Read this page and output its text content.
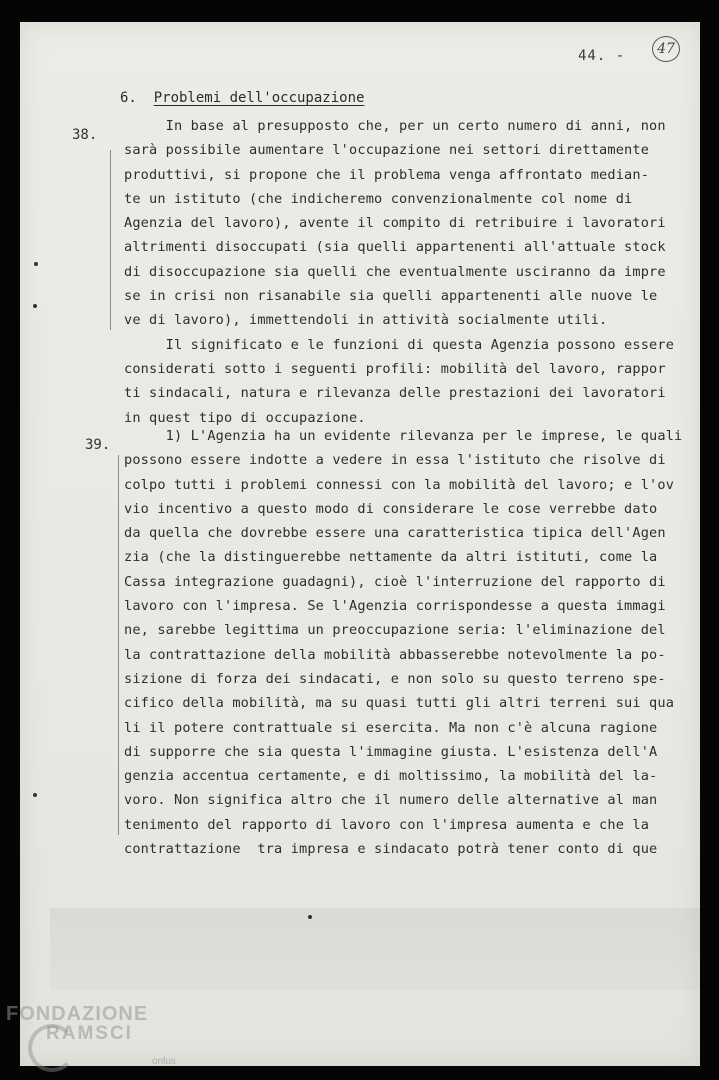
44. -	47
6. Problemi dell'occupazione
38.
In base al presupposto che, per un certo numero di anni, non
sarà possibile aumentare l'occupazione nei settori direttamente
produttivi, si propone che il problema venga affrontato median-
te un istituto (che indicheremo convenzionalmente col nome di
Agenzia del lavoro), avente il compito di retribuire i lavoratori
altrimenti disoccupati (sia quelli appartenenti all'attuale stock
di disoccupazione sia quelli che eventualmente usciranno da impre
se in crisi non risanabile sia quelli appartenenti alle nuove le
ve di lavoro), immettendoli in attività socialmente utili.
Il significato e le funzioni di questa Agenzia possono essere
considerati sotto i seguenti profili: mobilità del lavoro, rappor
ti sindacali, natura e rilevanza delle prestazioni dei lavoratori
in quest tipo di occupazione.
39.
1) L'Agenzia ha un evidente rilevanza per le imprese, le quali
possono essere indotte a vedere in essa l'istituto che risolve di
colpo tutti i problemi connessi con la mobilità del lavoro; e l'ov
vio incentivo a questo modo di considerare le cose verrebbe dato
da quella che dovrebbe essere una caratteristica tipica dell'Agen
zia (che la distinguerebbe nettamente da altri istituti, come la
Cassa integrazione guadagni), cioè l'interruzione del rapporto di
lavoro con l'impresa. Se l'Agenzia corrispondesse a questa immagi
ne, sarebbe legittima un preoccupazione seria: l'eliminazione del
la contrattazione della mobilità abbasserebbe notevolmente la po-
sizione di forza dei sindacati, e non solo su questo terreno spe-
cifico della mobilità, ma su quasi tutti gli altri terreni sui qua
li il potere contrattuale si esercita. Ma non c'è alcuna ragione
di supporre che sia questa l'immagine giusta. L'esistenza dell'A
genzia accentua certamente, e di moltissimo, la mobilità del la-
voro. Non significa altro che il numero delle alternative al man
tenimento del rapporto di lavoro con l'impresa aumenta e che la
contrattazione  tra impresa e sindacato potrà tener conto di que
FONDAZIONE
RAMSCI
onlus
